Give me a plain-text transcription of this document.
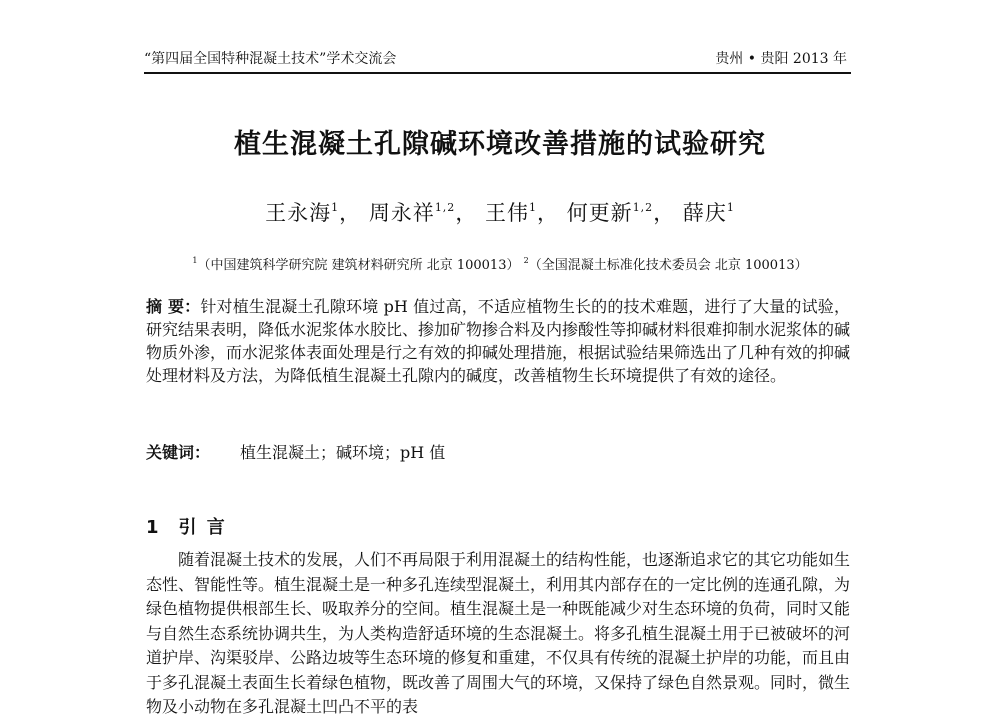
“第四届全国特种混凝土技术”学术交流会	贵州 • 贵阳 2013 年
植生混凝土孔隙碱环境改善措施的试验研究
王永海$^1$， 周永祥$^{1,2}$， 王伟$^1$， 何更新$^{1,2}$， 薛庆$^1$
$^1$（中国建筑科学研究院 建筑材料研究所 北京 100013） $^2$（全国混凝土标准化技术委员会 北京 100013）
摘 要：针对植生混凝土孔隙环境 pH 值过高，不适应植物生长的的技术难题，进行了大量的试验，研究结果表明，降低水泥浆体水胶比、掺加矿物掺合料及内掺酸性等抑碱材料很难抑制水泥浆体的碱物质外渗，而水泥浆体表面处理是行之有效的抑碱处理措施，根据试验结果筛选出了几种有效的抑碱处理材料及方法，为降低植生混凝土孔隙内的碱度，改善植物生长环境提供了有效的途径。
关键词： 植生混凝土；碱环境；pH 值
1 引 言
随着混凝土技术的发展，人们不再局限于利用混凝土的结构性能，也逐渐追求它的其它功能如生态性、智能性等。植生混凝土是一种多孔连续型混凝土，利用其内部存在的一定比例的连通孔隙，为绿色植物提供根部生长、吸取养分的空间。植生混凝土是一种既能减少对生态环境的负荷，同时又能与自然生态系统协调共生，为人类构造舒适环境的生态混凝土。将多孔植生混凝土用于已被破坏的河道护岸、沟渠驳岸、公路边坡等生态环境的修复和重建，不仅具有传统的混凝土护岸的功能，而且由于多孔混凝土表面生长着绿色植物，既改善了周围大气的环境，又保持了绿色自然景观。同时，微生物及小动物在多孔混凝土凹凸不平的表
